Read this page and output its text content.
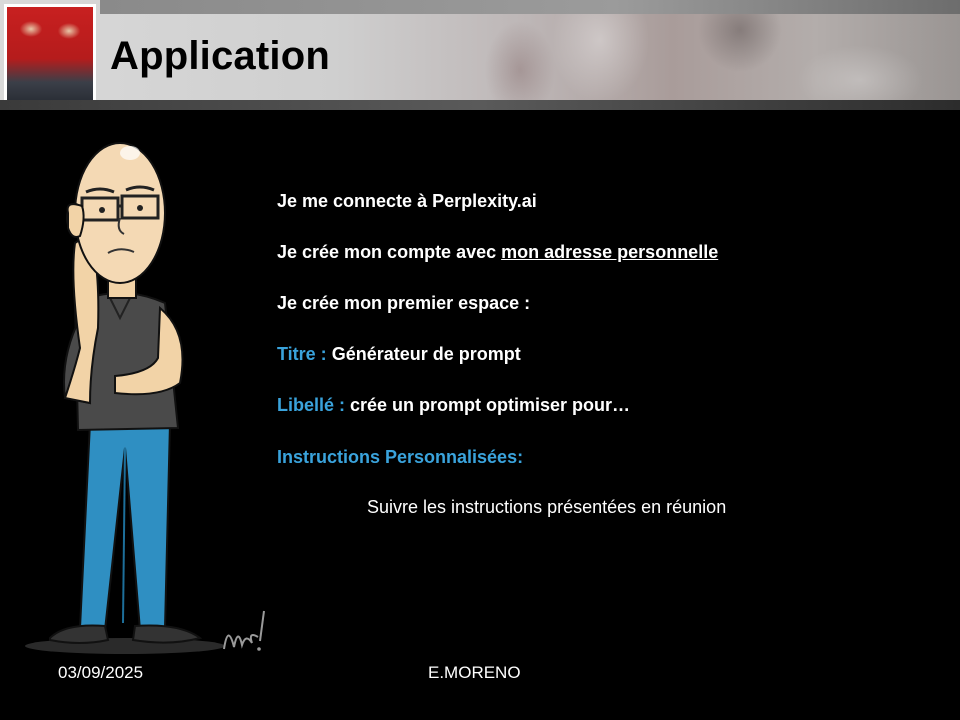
Application
Je me connecte à Perplexity.ai
Je crée mon compte avec mon adresse personnelle
Je crée mon premier espace :
Titre : Générateur de prompt
Libellé : crée un prompt optimiser pour…
Instructions Personnalisées:
Suivre les instructions présentées en réunion
03/09/2025	E.MORENO
